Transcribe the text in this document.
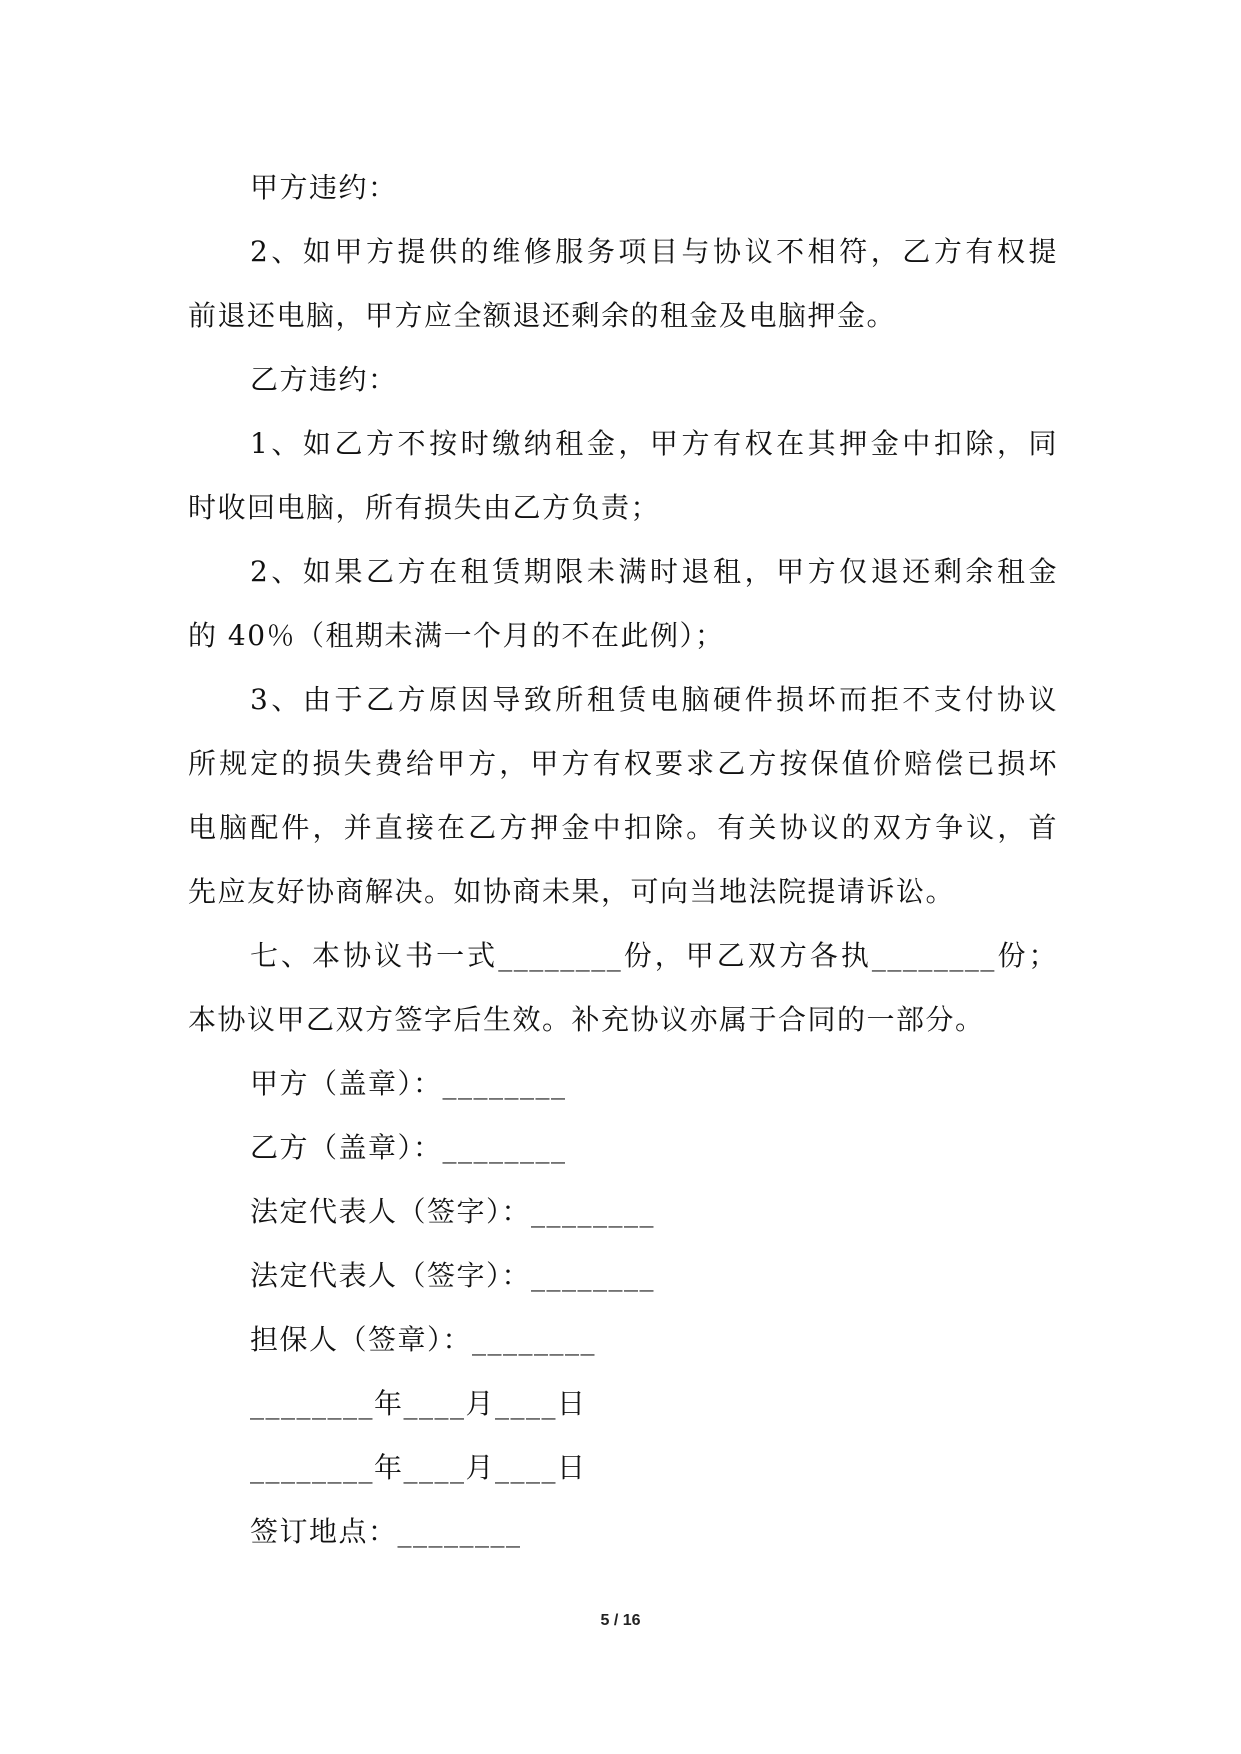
甲方违约：
2、如甲方提供的维修服务项目与协议不相符，乙方有权提
前退还电脑，甲方应全额退还剩余的租金及电脑押金。
乙方违约：
1、如乙方不按时缴纳租金，甲方有权在其押金中扣除，同
时收回电脑，所有损失由乙方负责；
2、如果乙方在租赁期限未满时退租，甲方仅退还剩余租金
的 40％（租期未满一个月的不在此例）；
3、由于乙方原因导致所租赁电脑硬件损坏而拒不支付协议
所规定的损失费给甲方，甲方有权要求乙方按保值价赔偿已损坏
电脑配件，并直接在乙方押金中扣除。有关协议的双方争议，首
先应友好协商解决。如协商未果，可向当地法院提请诉讼。
七、本协议书一式________份，甲乙双方各执________份；
本协议甲乙双方签字后生效。补充协议亦属于合同的一部分。
甲方（盖章）：________
乙方（盖章）：________
法定代表人（签字）：________
法定代表人（签字）：________
担保人（签章）：________
________年____月____日
________年____月____日
签订地点：________
5 / 16
